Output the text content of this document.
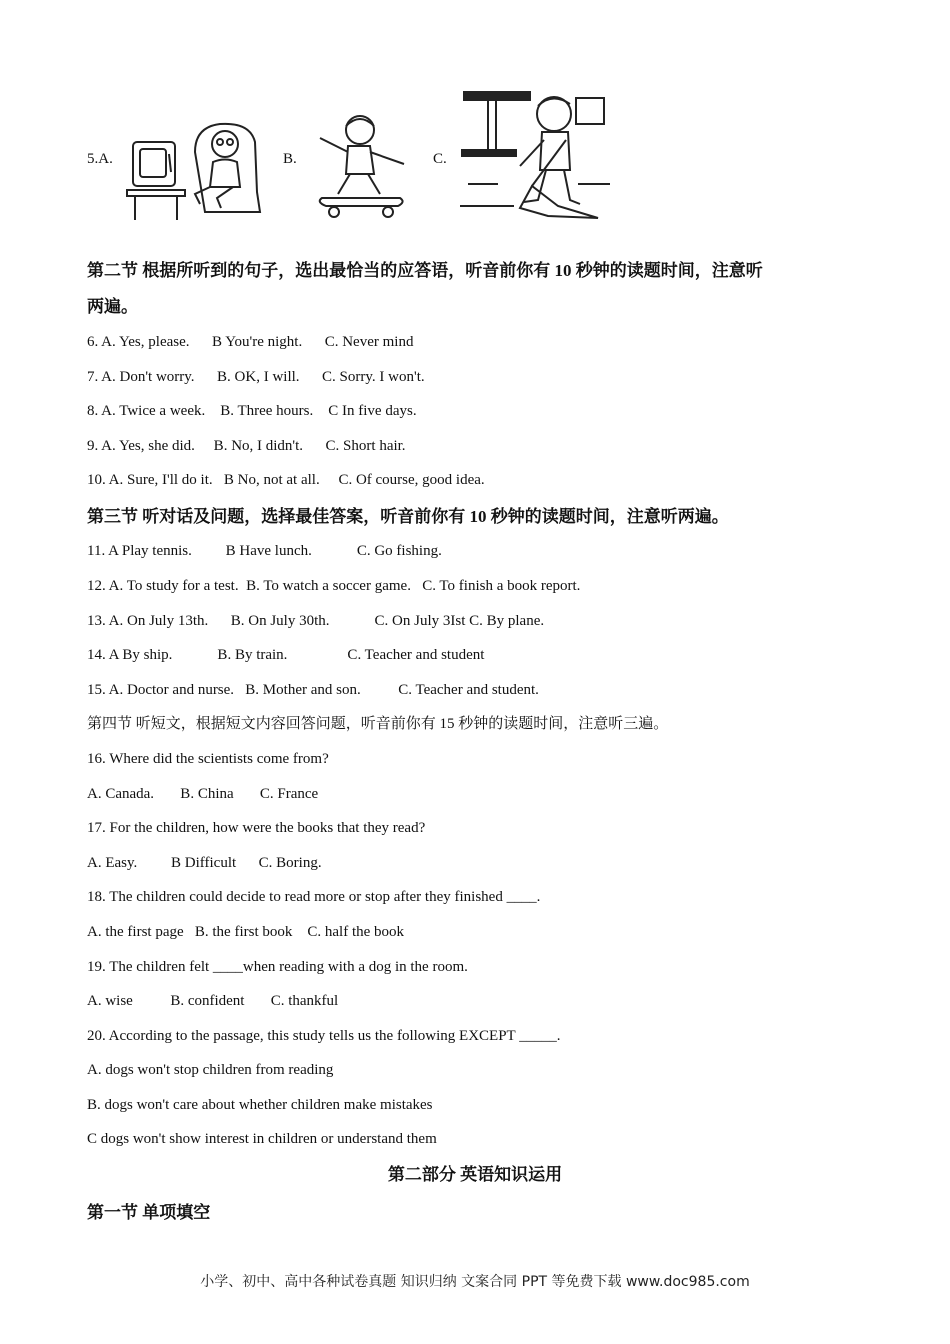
5.A.	B.	C.
第二节 根据所听到的句子，选出最恰当的应答语，听音前你有 10 秒钟的读题时间，注意听
两遍。
6. A. Yes, please.      B You're night.      C. Never mind
7. A. Don't worry.      B. OK, I will.      C. Sorry. I won't.
8. A. Twice a week.    B. Three hours.    C In five days.
9. A. Yes, she did.     B. No, I didn't.      C. Short hair.
10. A. Sure, I'll do it.   B No, not at all.     C. Of course, good idea.
第三节 听对话及问题，选择最佳答案，听音前你有 10 秒钟的读题时间，注意听两遍。
11. A Play tennis.         B Have lunch.            C. Go fishing.
12. A. To study for a test.  B. To watch a soccer game.   C. To finish a book report.
13. A. On July 13th.      B. On July 30th.            C. On July 3Ist C. By plane.
14. A By ship.            B. By train.                C. Teacher and student
15. A. Doctor and nurse.   B. Mother and son.          C. Teacher and student.
第四节 听短文，根据短文内容回答问题，听音前你有 15 秒钟的读题时间，注意听三遍。
16. Where did the scientists come from?
A. Canada.       B. China       C. France
17. For the children, how were the books that they read?
A. Easy.         B Difficult      C. Boring.
18. The children could decide to read more or stop after they finished ____.
A. the first page   B. the first book    C. half the book
19. The children felt ____when reading with a dog in the room.
A. wise          B. confident       C. thankful
20. According to the passage, this study tells us the following EXCEPT _____.
A. dogs won't stop children from reading
B. dogs won't care about whether children make mistakes
C dogs won't show interest in children or understand them
第二部分 英语知识运用
第一节 单项填空
小学、初中、高中各种试卷真题 知识归纳 文案合同 PPT 等免费下载 www.doc985.com
